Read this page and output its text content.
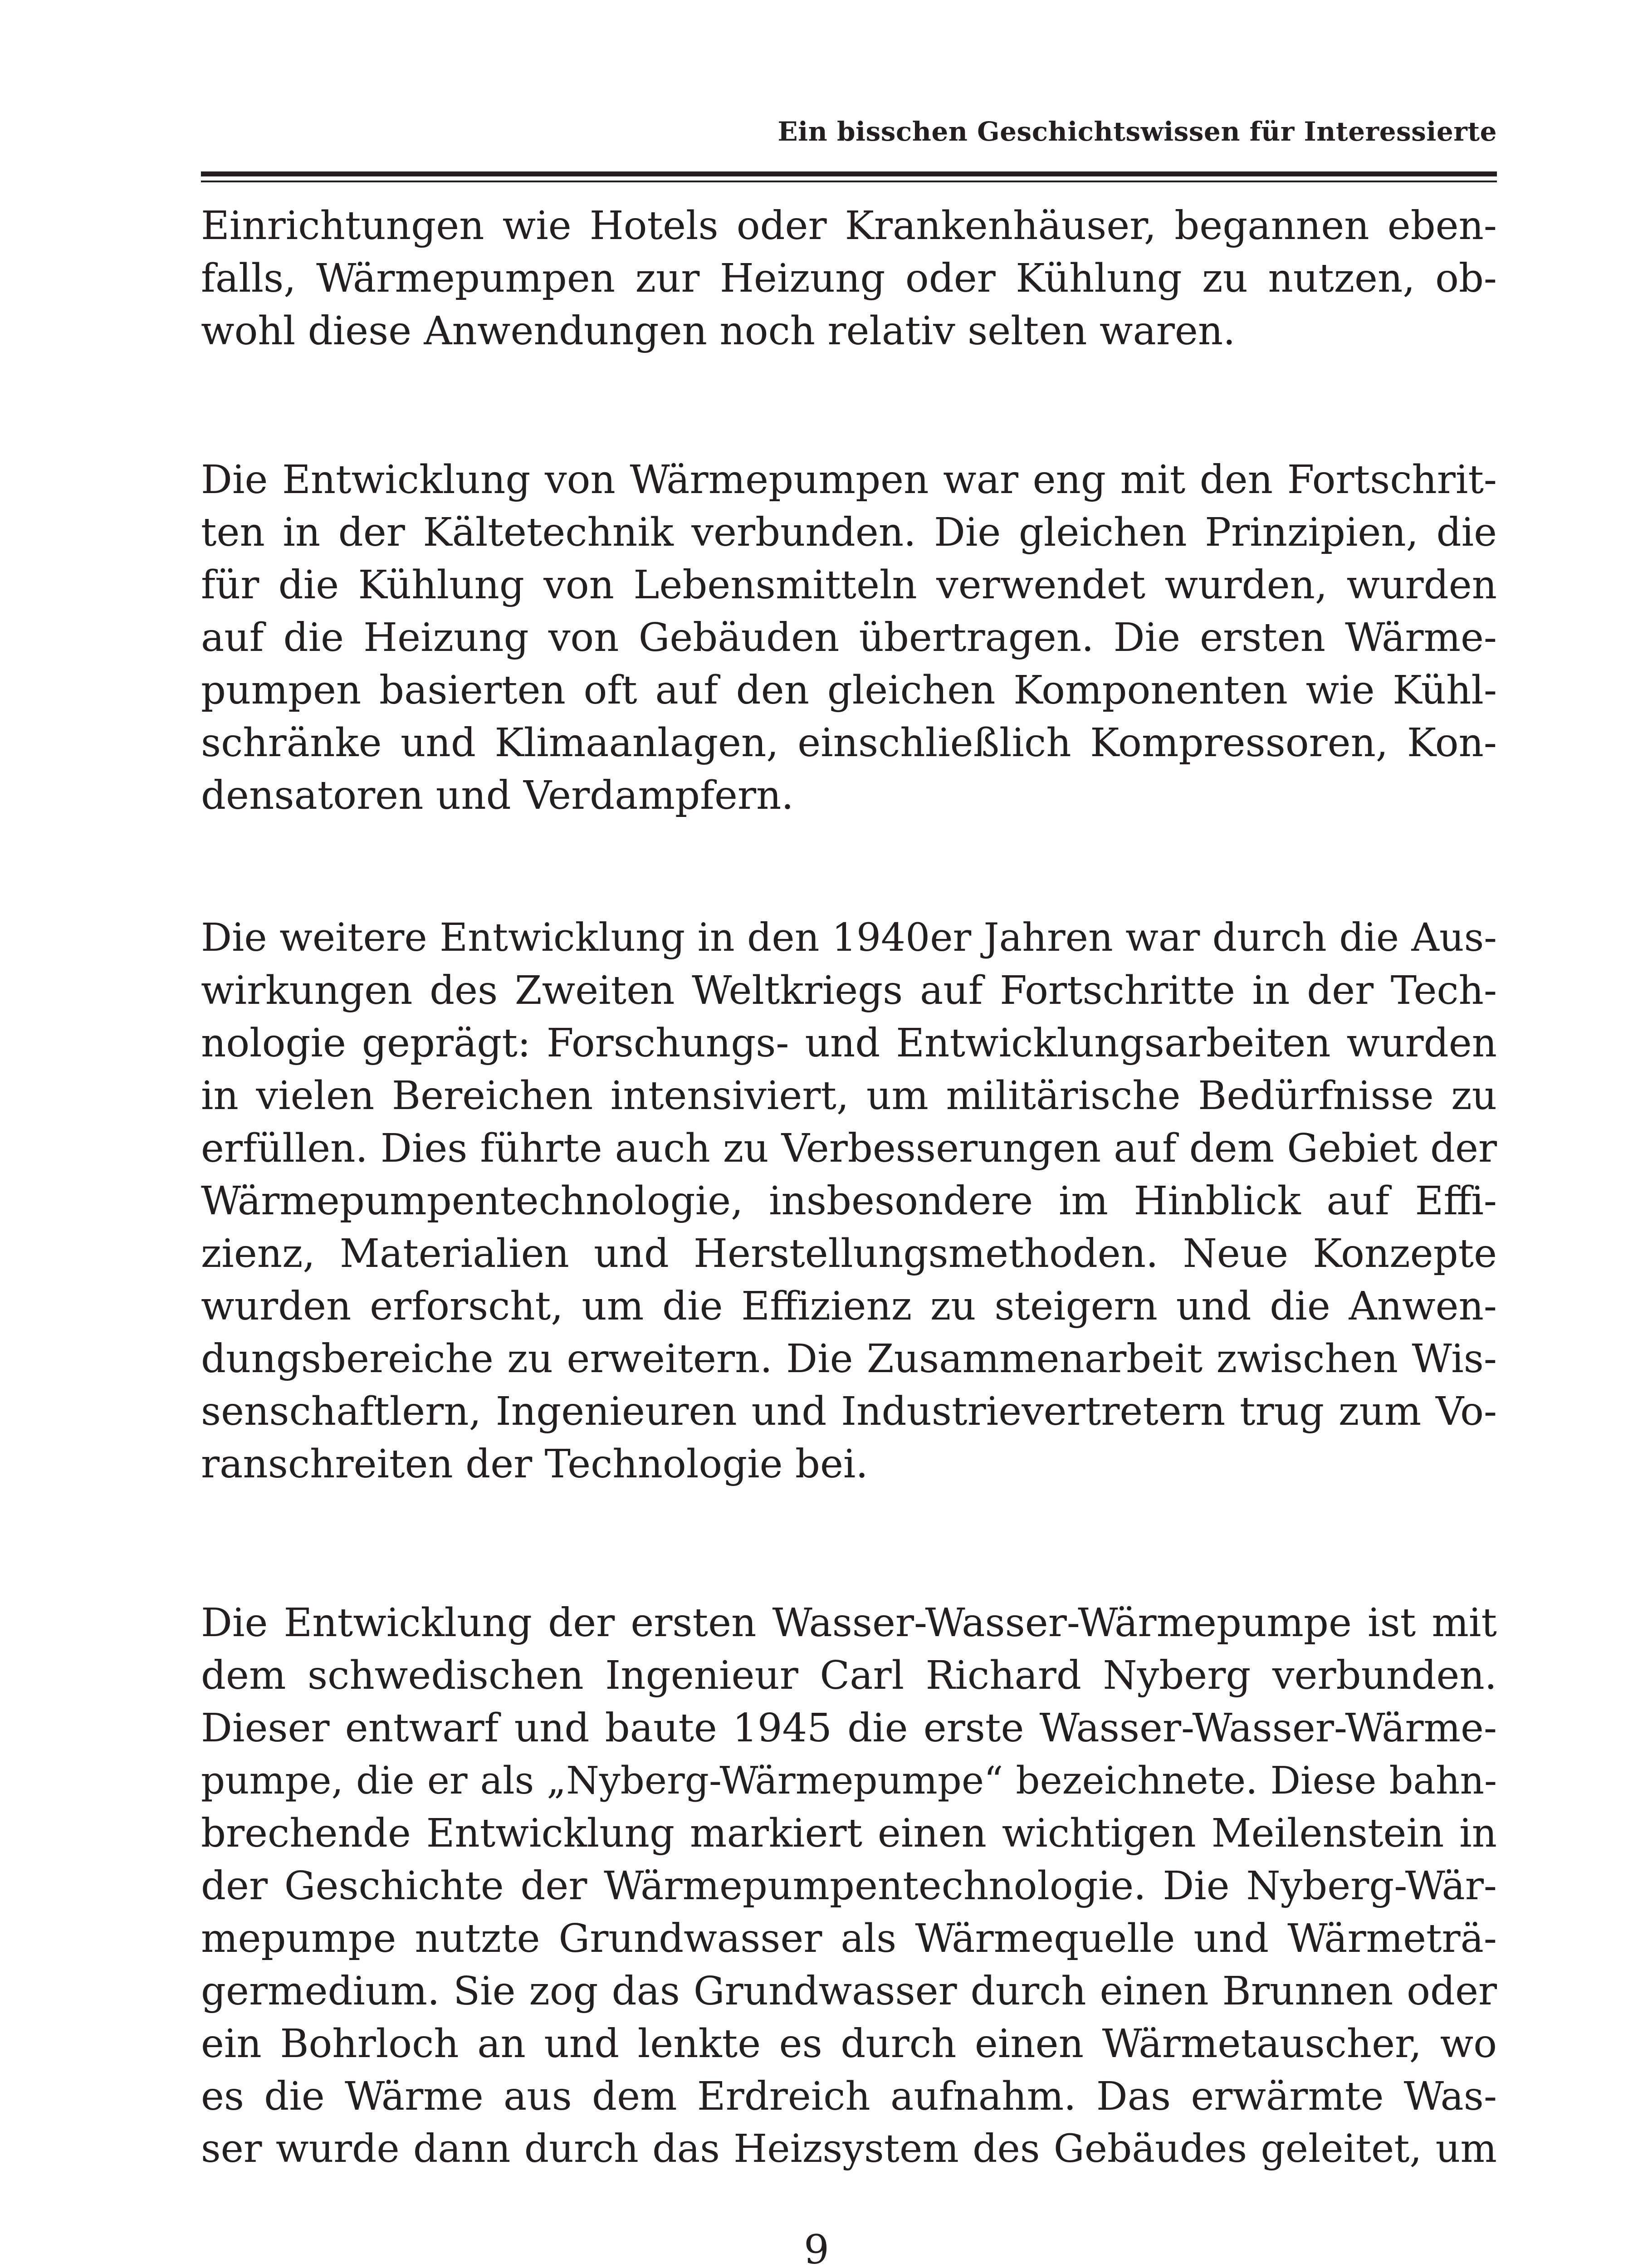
Ein bisschen Geschichtswissen für Interessierte
Einrichtungen wie Hotels oder Krankenhäuser, begannen eben-
falls, Wärmepumpen zur Heizung oder Kühlung zu nutzen, ob-
wohl diese Anwendungen noch relativ selten waren.
Die Entwicklung von Wärmepumpen war eng mit den Fortschrit-
ten in der Kältetechnik verbunden. Die gleichen Prinzipien, die
für die Kühlung von Lebensmitteln verwendet wurden, wurden
auf die Heizung von Gebäuden übertragen. Die ersten Wärme-
pumpen basierten oft auf den gleichen Komponenten wie Kühl-
schränke und Klimaanlagen, einschließlich Kompressoren, Kon-
densatoren und Verdampfern.
Die weitere Entwicklung in den 1940er Jahren war durch die Aus-
wirkungen des Zweiten Weltkriegs auf Fortschritte in der Tech-
nologie geprägt: Forschungs- und Entwicklungsarbeiten wurden
in vielen Bereichen intensiviert, um militärische Bedürfnisse zu
erfüllen. Dies führte auch zu Verbesserungen auf dem Gebiet der
Wärmepumpentechnologie, insbesondere im Hinblick auf Effi-
zienz, Materialien und Herstellungsmethoden. Neue Konzepte
wurden erforscht, um die Effizienz zu steigern und die Anwen-
dungsbereiche zu erweitern. Die Zusammenarbeit zwischen Wis-
senschaftlern, Ingenieuren und Industrievertretern trug zum Vo-
ranschreiten der Technologie bei.
Die Entwicklung der ersten Wasser-Wasser-Wärmepumpe ist mit
dem schwedischen Ingenieur Carl Richard Nyberg verbunden.
Dieser entwarf und baute 1945 die erste Wasser-Wasser-Wärme-
pumpe, die er als „Nyberg-Wärmepumpe“ bezeichnete. Diese bahn-
brechende Entwicklung markiert einen wichtigen Meilenstein in
der Geschichte der Wärmepumpentechnologie. Die Nyberg-Wär-
mepumpe nutzte Grundwasser als Wärmequelle und Wärmeträ-
germedium. Sie zog das Grundwasser durch einen Brunnen oder
ein Bohrloch an und lenkte es durch einen Wärmetauscher, wo
es die Wärme aus dem Erdreich aufnahm. Das erwärmte Was-
ser wurde dann durch das Heizsystem des Gebäudes geleitet, um
9
